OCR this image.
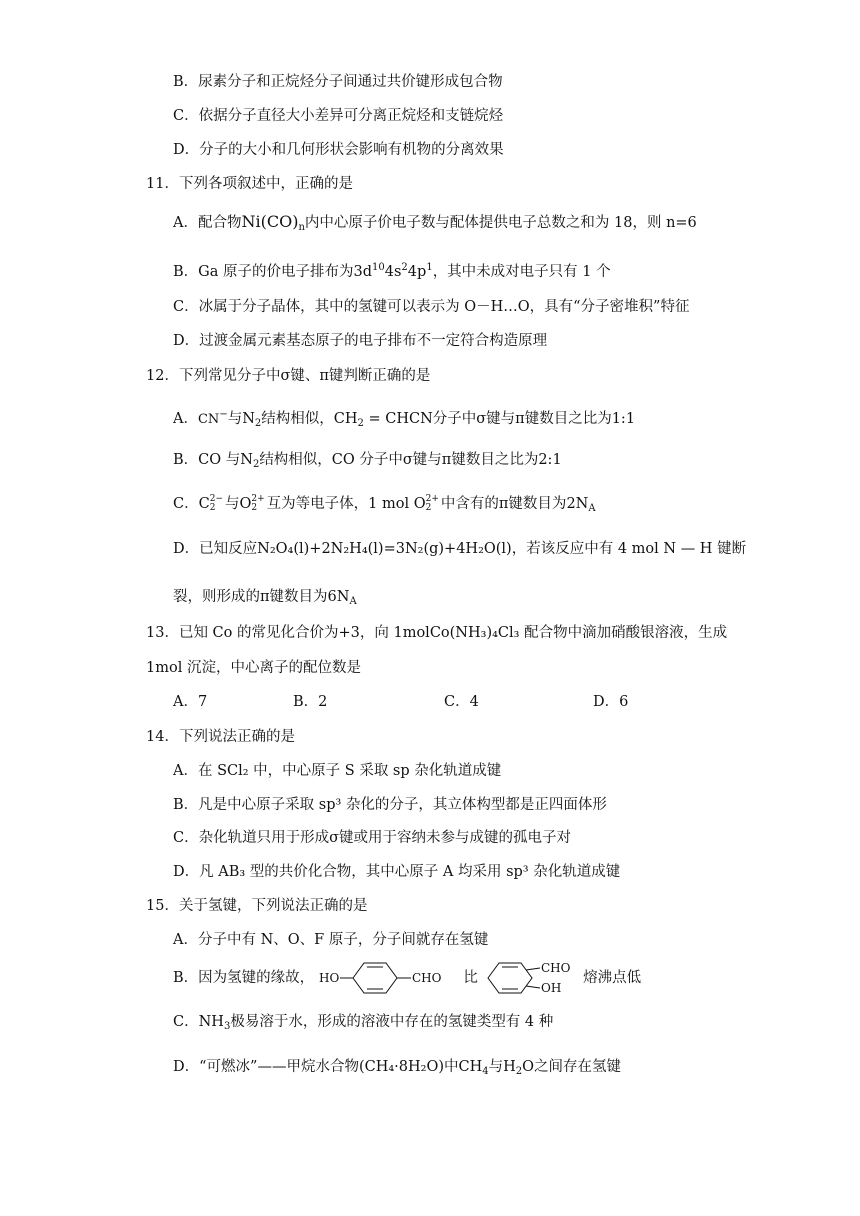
B．尿素分子和正烷烃分子间通过共价键形成包合物
C．依据分子直径大小差异可分离正烷烃和支链烷烃
D．分子的大小和几何形状会影响有机物的分离效果
11．下列各项叙述中，正确的是
A．配合物$Ni(CO)_n$内中心原子价电子数与配体提供电子总数之和为 18，则 n=6
B．Ga 原子的价电子排布为$3d^{10}4s^24p^1$，其中未成对电子只有 1 个
C．冰属于分子晶体，其中的氢键可以表示为 O－H…O，具有“分子密堆积”特征
D．过渡金属元素基态原子的电子排布不一定符合构造原理
12．下列常见分子中σ键、π键判断正确的是
A．CN−与$N_2$结构相似，$CH_2$ = CHCN分子中σ键与π键数目之比为1:1
B．CO 与$N_2$结构相似，CO 分子中σ键与π键数目之比为2:1
C．C 2−
2 与O 2+
2 互为等电子体，1 mol O 2+
2 中含有的π键数目为$2N_A$
D．已知反应N₂O₄(l)+2N₂H₄(l)=3N₂(g)+4H₂O(l)，若该反应中有 4 mol N — H 键断
裂，则形成的π键数目为$6N_A$
13．已知 Co 的常见化合价为+3，向 1molCo(NH₃)₄Cl₃ 配合物中滴加硝酸银溶液，生成
1mol 沉淀，中心离子的配位数是
A．7	B．2	C．4	D．6
14．下列说法正确的是
A．在 SCl₂ 中，中心原子 S 采取 sp 杂化轨道成键
B．凡是中心原子采取 sp³ 杂化的分子，其立体构型都是正四面体形
C．杂化轨道只用于形成σ键或用于容纳未参与成键的孤电子对
D．凡 AB₃ 型的共价化合物，其中心原子 A 均采用 sp³ 杂化轨道成键
15．关于氢键，下列说法正确的是
A．分子中有 N、O、F 原子，分子间就存在氢键
B．因为氢键的缘故， HO	CHO 比
CHO
OH
熔沸点低
C．$NH_3$极易溶于水，形成的溶液中存在的氢键类型有 4 种
D．“可燃冰”——甲烷水合物(CH₄·8H₂O)中$CH_4$与$H_2O$之间存在氢键
